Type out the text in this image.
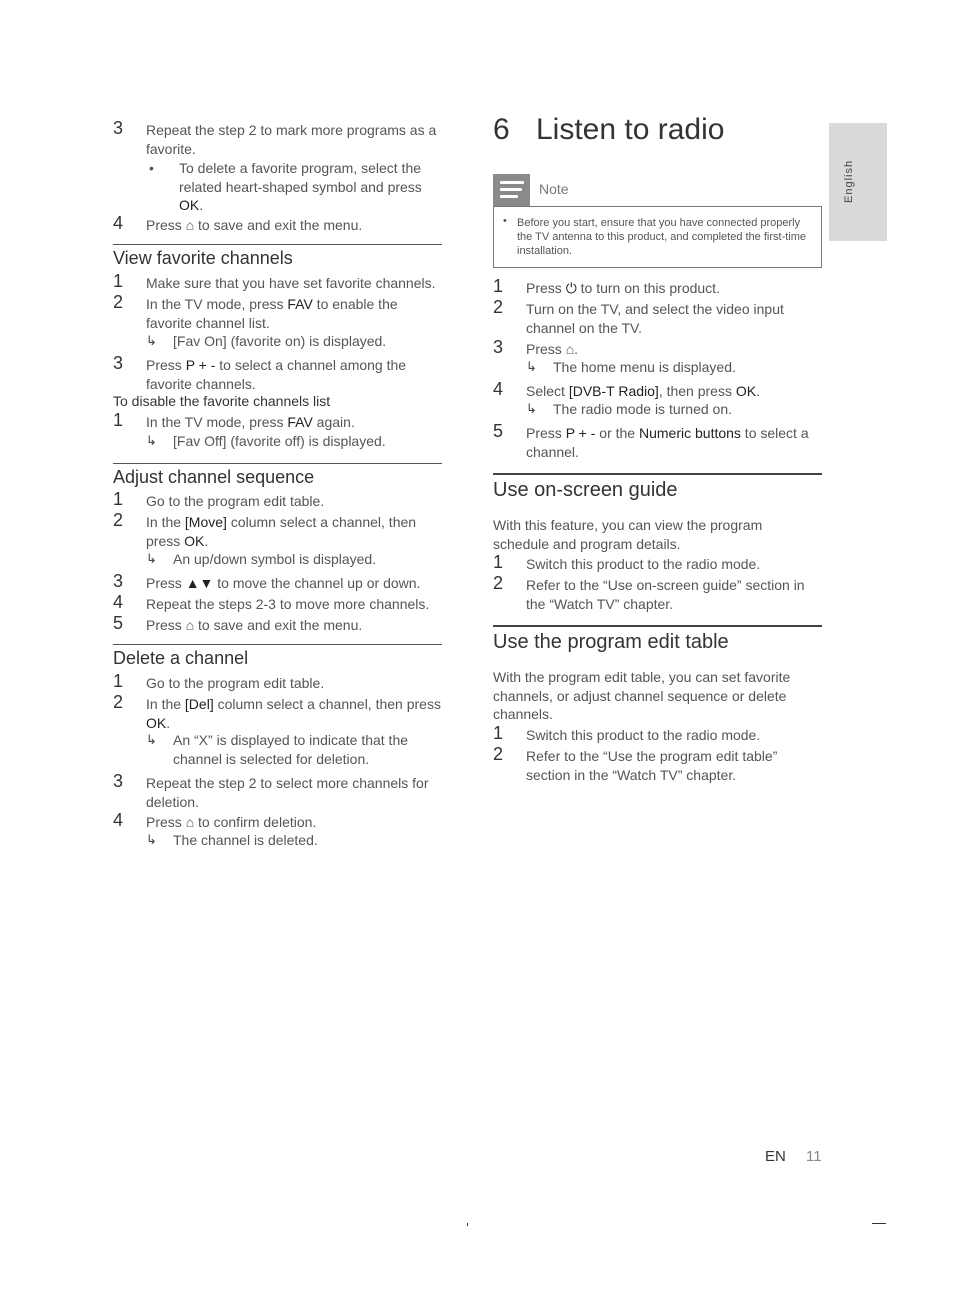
3 Repeat the step 2 to mark more programs as a favorite.
• To delete a favorite program, select the related heart-shaped symbol and press OK.
4 Press ⌂ to save and exit the menu.
View favorite channels
1 Make sure that you have set favorite channels.
2 In the TV mode, press FAV to enable the favorite channel list.
↳ [Fav On] (favorite on) is displayed.
3 Press P + - to select a channel among the favorite channels.
To disable the favorite channels list
1 In the TV mode, press FAV again.
↳ [Fav Off] (favorite off) is displayed.
Adjust channel sequence
1 Go to the program edit table.
2 In the [Move] column select a channel, then press OK.
↳ An up/down symbol is displayed.
3 Press ▲▼ to move the channel up or down.
4 Repeat the steps 2-3 to move more channels.
5 Press ⌂ to save and exit the menu.
Delete a channel
1 Go to the program edit table.
2 In the [Del] column select a channel, then press OK.
↳ An “X” is displayed to indicate that the channel is selected for deletion.
3 Repeat the step 2 to select more channels for deletion.
4 Press ⌂ to confirm deletion.
↳ The channel is deleted.
6 Listen to radio
Note
• Before you start, ensure that you have connected properly the TV antenna to this product, and completed the first-time installation.
1 Press ⏻ to turn on this product.
2 Turn on the TV, and select the video input channel on the TV.
3 Press ⌂.
↳ The home menu is displayed.
4 Select [DVB-T Radio], then press OK.
↳ The radio mode is turned on.
5 Press P + - or the Numeric buttons to select a channel.
Use on-screen guide
With this feature, you can view the program schedule and program details.
1 Switch this product to the radio mode.
2 Refer to the “Use on-screen guide” section in the “Watch TV” chapter.
Use the program edit table
With the program edit table, you can set favorite channels, or adjust channel sequence or delete channels.
1 Switch this product to the radio mode.
2 Refer to the “Use the program edit table” section in the “Watch TV” chapter.
English
EN 11
